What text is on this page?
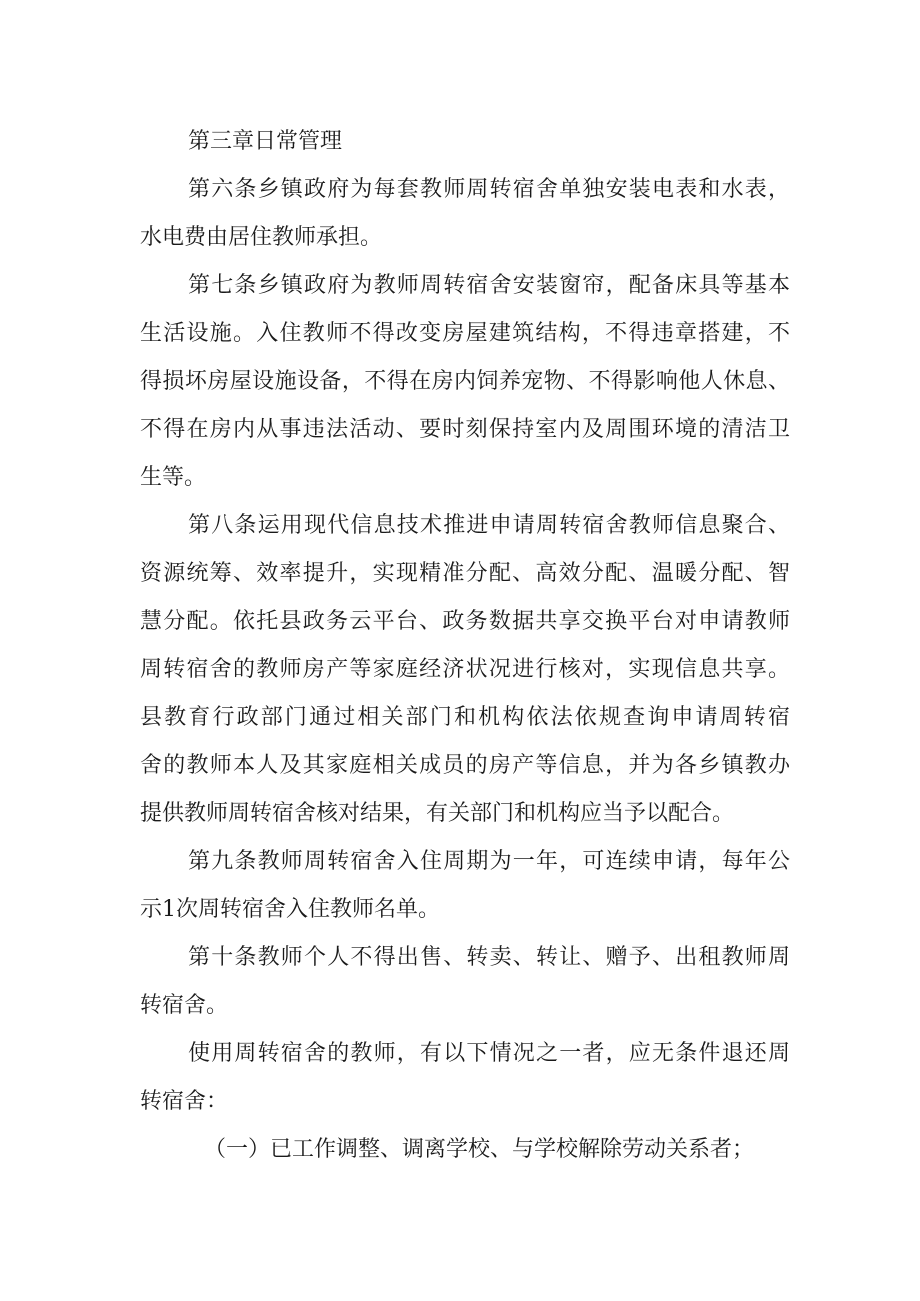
第三章日常管理
第六条乡镇政府为每套教师周转宿舍单独安装电表和水表，
水电费由居住教师承担。
第七条乡镇政府为教师周转宿舍安装窗帘，配备床具等基本
生活设施。入住教师不得改变房屋建筑结构，不得违章搭建，不
得损坏房屋设施设备，不得在房内饲养宠物、不得影响他人休息、
不得在房内从事违法活动、要时刻保持室内及周围环境的清洁卫
生等。
第八条运用现代信息技术推进申请周转宿舍教师信息聚合、
资源统筹、效率提升，实现精准分配、高效分配、温暖分配、智
慧分配。依托县政务云平台、政务数据共享交换平台对申请教师
周转宿舍的教师房产等家庭经济状况进行核对，实现信息共享。
县教育行政部门通过相关部门和机构依法依规查询申请周转宿
舍的教师本人及其家庭相关成员的房产等信息，并为各乡镇教办
提供教师周转宿舍核对结果，有关部门和机构应当予以配合。
第九条教师周转宿舍入住周期为一年，可连续申请，每年公
示1次周转宿舍入住教师名单。
第十条教师个人不得出售、转卖、转让、赠予、出租教师周
转宿舍。
使用周转宿舍的教师，有以下情况之一者，应无条件退还周
转宿舍：
（一）已工作调整、调离学校、与学校解除劳动关系者；
